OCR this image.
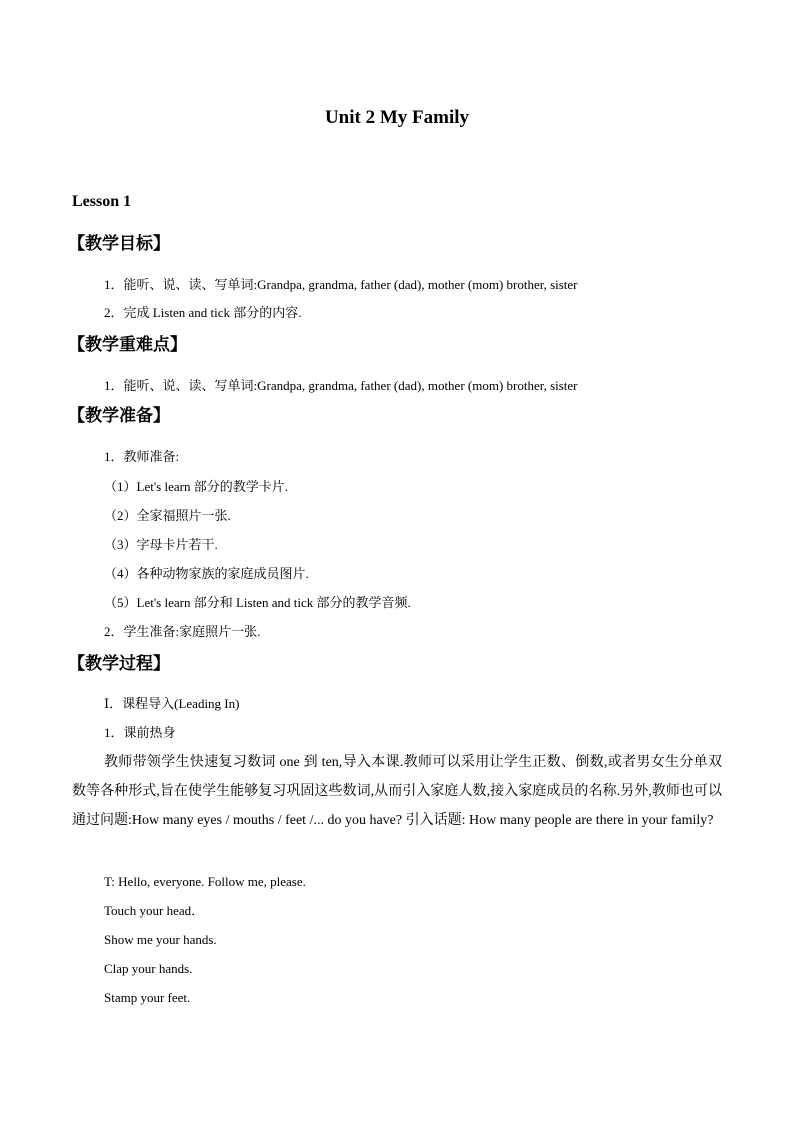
Unit 2 My Family
Lesson 1
【教学目标】
1．能听、说、读、写单词:Grandpa, grandma, father (dad), mother (mom) brother, sister
2．完成 Listen and tick 部分的内容.
【教学重难点】
1．能听、说、读、写单词:Grandpa, grandma, father (dad), mother (mom) brother, sister
【教学准备】
1．教师准备:
（1）Let's learn 部分的教学卡片.
（2）全家福照片一张.
（3）字母卡片若干.
（4）各种动物家族的家庭成员图片.
（5）Let's learn 部分和 Listen and tick 部分的教学音频.
2．学生准备:家庭照片一张.
【教学过程】
Ⅰ．课程导入(Leading In)
1．课前热身
教师带领学生快速复习数词 one 到 ten,导入本课.教师可以采用让学生正数、倒数,或者男女生分单双数等各种形式,旨在使学生能够复习巩固这些数词,从而引入家庭人数,接入家庭成员的名称.另外,教师也可以通过问题:How many eyes / mouths / feet /... do you have? 引入话题: How many people are there in your family?
T: Hello, everyone. Follow me, please.
Touch your head．
Show me your hands.
Clap your hands.
Stamp your feet.
